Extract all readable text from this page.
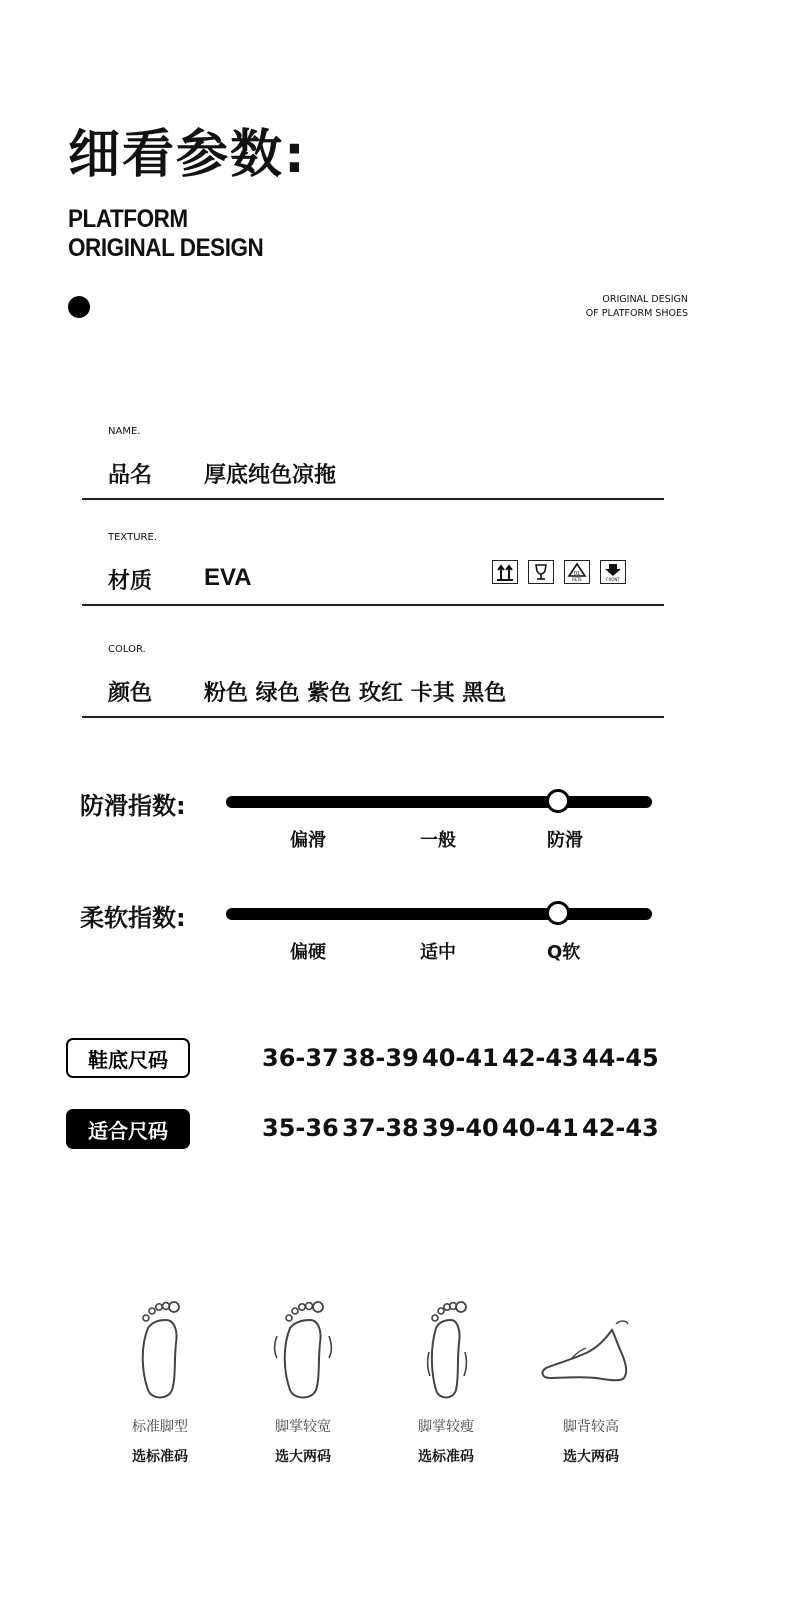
细看参数:
PLATFORM
ORIGINAL DESIGN
ORIGINAL DESIGN
OF PLATFORM SHOES
NAME.
品名 厚底纯色凉拖
TEXTURE.
材质 EVA	01
PETE	FRONT
COLOR.
颜色 粉色 绿色 紫色 玫红 卡其 黑色
防滑指数:
偏滑	一般	防滑
柔软指数:
偏硬	适中	Q软
鞋底尺码	36-37 38-39 40-41 42-43 44-45
适合尺码	35-36 37-38 39-40 40-41 42-43
标准脚型
选标准码
脚掌较宽
选大两码
脚掌较瘦
选标准码
脚背较高
选大两码
